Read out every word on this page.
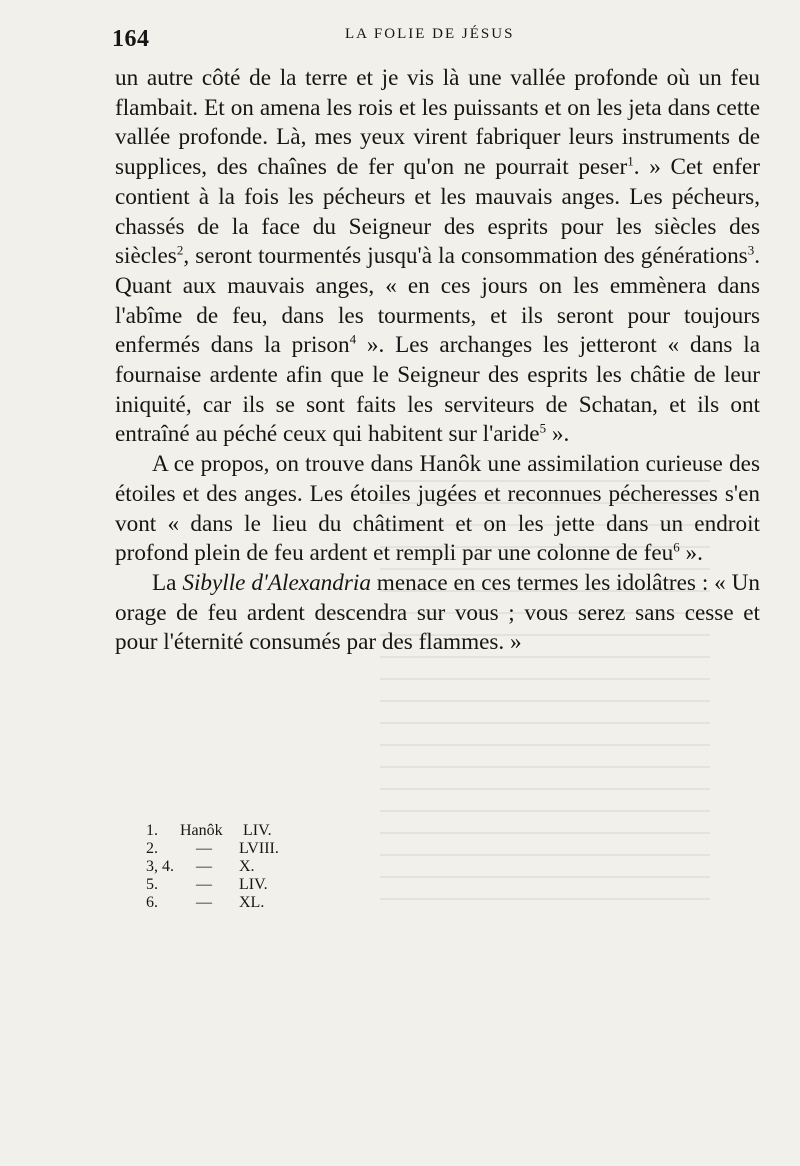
164	LA FOLIE DE JÉSUS

un autre côté de la terre et je vis là une vallée profonde où un feu flambait. Et on amena les rois et les puissants et on les jeta dans cette vallée profonde. Là, mes yeux virent fabriquer leurs instruments de supplices, des chaînes de fer qu'on ne pourrait peser$^1$. » Cet enfer contient à la fois les pécheurs et les mauvais anges. Les pécheurs, chassés de la face du Seigneur des esprits pour les siècles des siècles$^2$, seront tourmentés jusqu'à la consommation des générations$^3$. Quant aux mauvais anges, « en ces jours on les emmènera dans l'abîme de feu, dans les tourments, et ils seront pour toujours enfermés dans la prison$^4$ ». Les archanges les jetteront « dans la fournaise ardente afin que le Seigneur des esprits les châtie de leur iniquité, car ils se sont faits les serviteurs de Schatan, et ils ont entraîné au péché ceux qui habitent sur l'aride$^5$ ».

A ce propos, on trouve dans Hanôk une assimilation curieuse des étoiles et des anges. Les étoiles jugées et reconnues pécheresses s'en vont « dans le lieu du châtiment et on les jette dans un endroit profond plein de feu ardent et rempli par une colonne de feu$^6$ ».

La Sibylle d'Alexandria menace en ces termes les idolâtres : « Un orage de feu ardent descendra sur vous ; vous serez sans cesse et pour l'éternité consumés par des flammes. »

1.	Hanôk	LIV.
2.	—	LVIII.
3, 4. —	X.
5.	—	LIV.
6.	—	XL.
